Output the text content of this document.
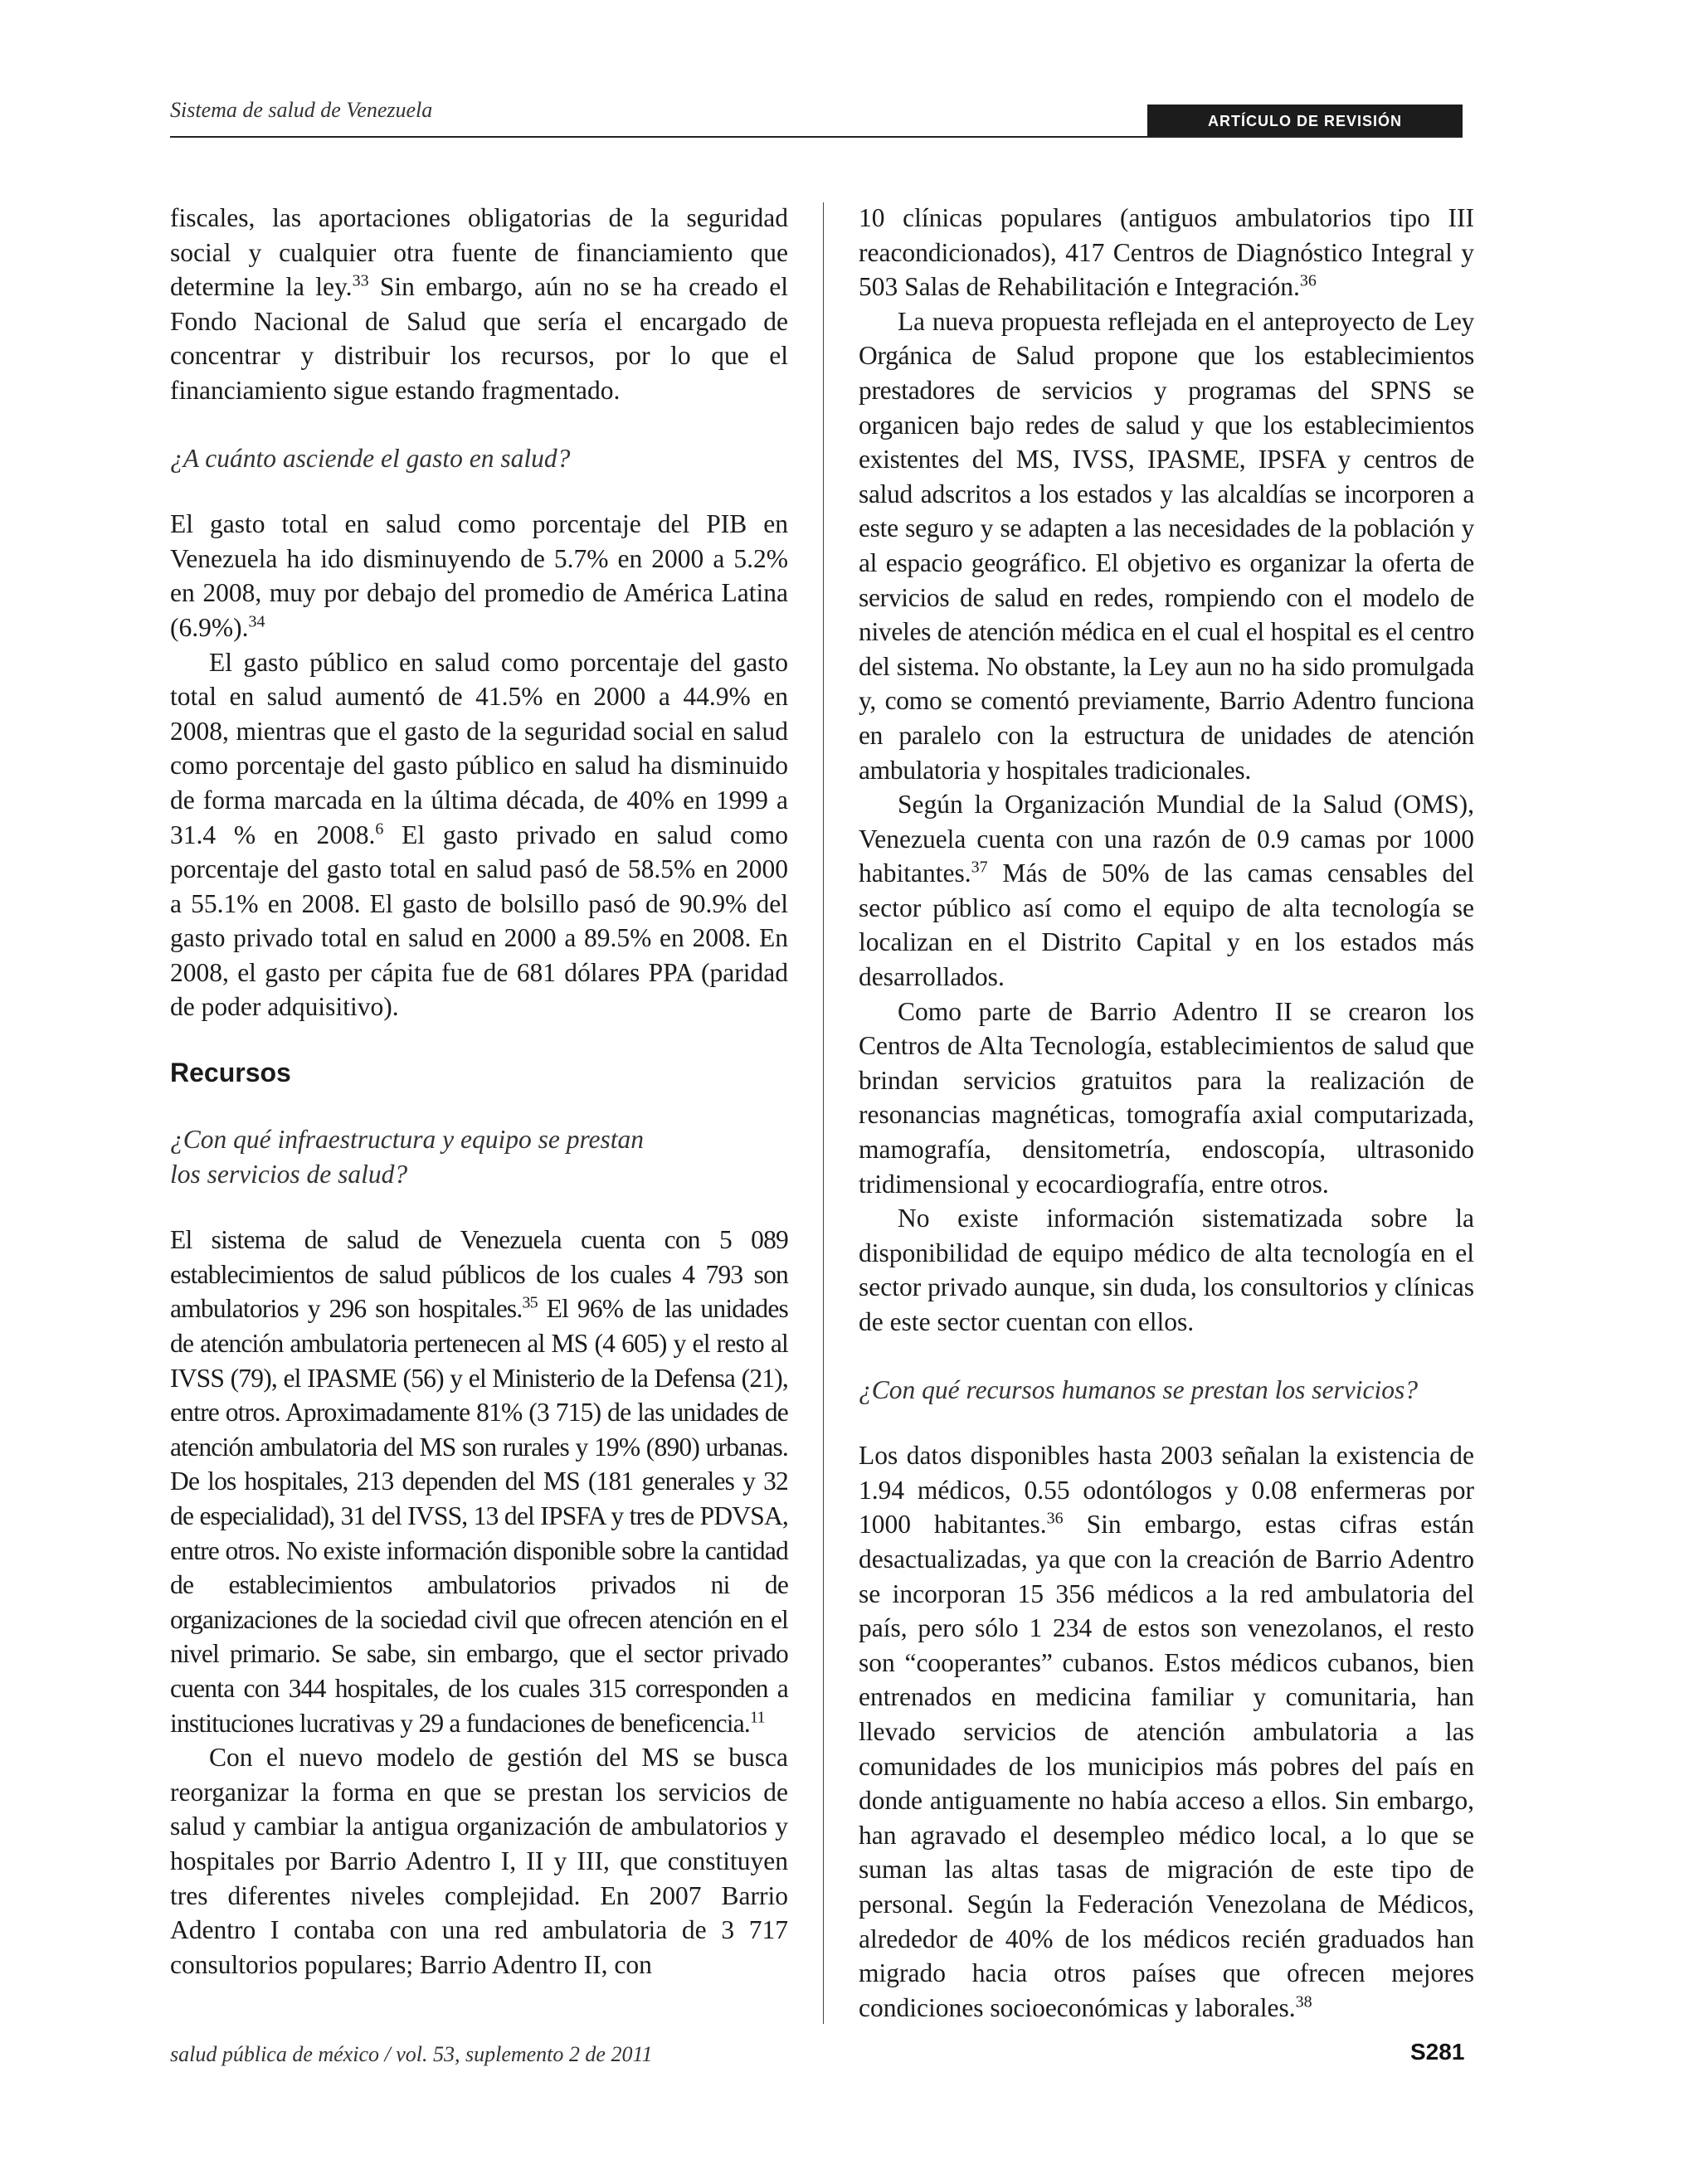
Sistema de salud de Venezuela	ARTÍCULO DE REVISIÓN

fiscales, las aportaciones obligatorias de la seguridad social y cualquier otra fuente de financiamiento que determine la ley.$^{33}$ Sin embargo, aún no se ha creado el Fondo Nacional de Salud que sería el encargado de concentrar y distribuir los recursos, por lo que el financiamiento sigue estando fragmentado.

¿A cuánto asciende el gasto en salud?

El gasto total en salud como porcentaje del PIB en Venezuela ha ido disminuyendo de 5.7% en 2000 a 5.2% en 2008, muy por debajo del promedio de América Latina (6.9%).$^{34}$

El gasto público en salud como porcentaje del gasto total en salud aumentó de 41.5% en 2000 a 44.9% en 2008, mientras que el gasto de la seguridad social en salud como porcentaje del gasto público en salud ha disminuido de forma marcada en la última década, de 40% en 1999 a 31.4 % en 2008.$^6$ El gasto privado en salud como porcentaje del gasto total en salud pasó de 58.5% en 2000 a 55.1% en 2008. El gasto de bolsillo pasó de 90.9% del gasto privado total en salud en 2000 a 89.5% en 2008. En 2008, el gasto per cápita fue de 681 dólares PPA (paridad de poder adquisitivo).

Recursos

¿Con qué infraestructura y equipo se prestan
los servicios de salud?

El sistema de salud de Venezuela cuenta con 5 089 establecimientos de salud públicos de los cuales 4 793 son ambulatorios y 296 son hospitales.$^{35}$ El 96% de las unidades de atención ambulatoria pertenecen al MS (4 605) y el resto al IVSS (79), el IPASME (56) y el Ministerio de la Defensa (21), entre otros. Aproximadamente 81% (3 715) de las unidades de atención ambulatoria del MS son rurales y 19% (890) urbanas. De los hospitales, 213 dependen del MS (181 generales y 32 de especialidad), 31 del IVSS, 13 del IPSFA y tres de PDVSA, entre otros. No existe información disponible sobre la cantidad de establecimientos ambulatorios privados ni de organizaciones de la sociedad civil que ofrecen atención en el nivel primario. Se sabe, sin embargo, que el sector privado cuenta con 344 hospitales, de los cuales 315 corresponden a instituciones lucrativas y 29 a fundaciones de beneficencia.$^{11}$

Con el nuevo modelo de gestión del MS se busca reorganizar la forma en que se prestan los servicios de salud y cambiar la antigua organización de ambulatorios y hospitales por Barrio Adentro I, II y III, que constituyen tres diferentes niveles complejidad. En 2007 Barrio Adentro I contaba con una red ambulatoria de 3 717 consultorios populares; Barrio Adentro II, con

10 clínicas populares (antiguos ambulatorios tipo III reacondicionados), 417 Centros de Diagnóstico Integral y 503 Salas de Rehabilitación e Integración.$^{36}$

La nueva propuesta reflejada en el anteproyecto de Ley Orgánica de Salud propone que los establecimientos prestadores de servicios y programas del SPNS se organicen bajo redes de salud y que los establecimientos existentes del MS, IVSS, IPASME, IPSFA y centros de salud adscritos a los estados y las alcaldías se incorporen a este seguro y se adapten a las necesidades de la población y al espacio geográfico. El objetivo es organizar la oferta de servicios de salud en redes, rompiendo con el modelo de niveles de atención médica en el cual el hospital es el centro del sistema. No obstante, la Ley aun no ha sido promulgada y, como se comentó previamente, Barrio Adentro funciona en paralelo con la estructura de unidades de atención ambulatoria y hospitales tradicionales.

Según la Organización Mundial de la Salud (OMS), Venezuela cuenta con una razón de 0.9 camas por 1000 habitantes.$^{37}$ Más de 50% de las camas censables del sector público así como el equipo de alta tecnología se localizan en el Distrito Capital y en los estados más desarrollados.

Como parte de Barrio Adentro II se crearon los Centros de Alta Tecnología, establecimientos de salud que brindan servicios gratuitos para la realización de resonancias magnéticas, tomografía axial computarizada, mamografía, densitometría, endoscopía, ultrasonido tridimensional y ecocardiografía, entre otros.

No existe información sistematizada sobre la disponibilidad de equipo médico de alta tecnología en el sector privado aunque, sin duda, los consultorios y clínicas de este sector cuentan con ellos.

¿Con qué recursos humanos se prestan los servicios?

Los datos disponibles hasta 2003 señalan la existencia de 1.94 médicos, 0.55 odontólogos y 0.08 enfermeras por 1000 habitantes.$^{36}$ Sin embargo, estas cifras están desactualizadas, ya que con la creación de Barrio Adentro se incorporan 15 356 médicos a la red ambulatoria del país, pero sólo 1 234 de estos son venezolanos, el resto son “cooperantes” cubanos. Estos médicos cubanos, bien entrenados en medicina familiar y comunitaria, han llevado servicios de atención ambulatoria a las comunidades de los municipios más pobres del país en donde antiguamente no había acceso a ellos. Sin embargo, han agravado el desempleo médico local, a lo que se suman las altas tasas de migración de este tipo de personal. Según la Federación Venezolana de Médicos, alrededor de 40% de los médicos recién graduados han migrado hacia otros países que ofrecen mejores condiciones socioeconómicas y laborales.$^{38}$

salud pública de méxico / vol. 53, suplemento 2 de 2011	S281
